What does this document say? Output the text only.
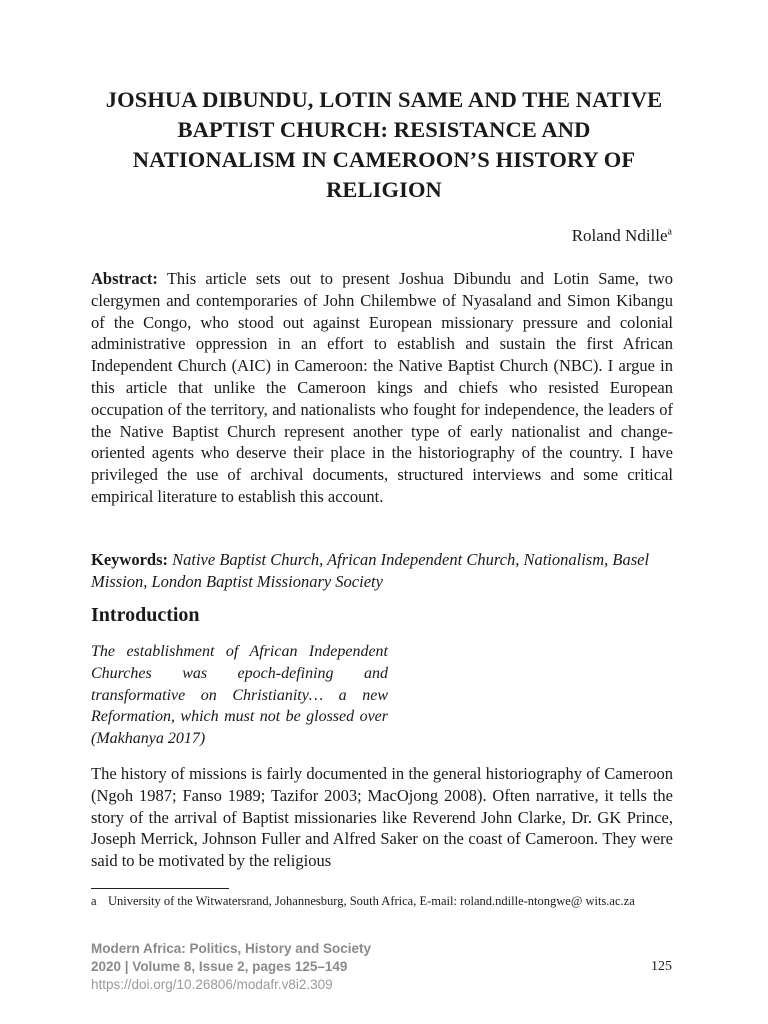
JOSHUA DIBUNDU, LOTIN SAME AND THE NATIVE BAPTIST CHURCH: RESISTANCE AND NATIONALISM IN CAMEROON’S HISTORY OF RELIGION
Roland Ndille$^a$

Abstract: This article sets out to present Joshua Dibundu and Lotin Same, two clergymen and contemporaries of John Chilembwe of Nyasaland and Simon Kibangu of the Congo, who stood out against European missionary pressure and colonial administrative oppression in an effort to establish and sustain the first African Independent Church (AIC) in Cameroon: the Native Baptist Church (NBC). I argue in this article that unlike the Cameroon kings and chiefs who resisted European occupation of the territory, and nationalists who fought for independence, the leaders of the Native Baptist Church represent another type of early nationalist and change-oriented agents who deserve their place in the historiography of the country. I have privileged the use of archival documents, structured interviews and some critical empirical literature to establish this account.

Keywords: Native Baptist Church, African Independent Church, Nationalism, Basel Mission, London Baptist Missionary Society

Introduction

The establishment of African Independent Churches was epoch-defining and transformative on Christianity… a new Reformation, which must not be glossed over (Makhanya 2017)

The history of missions is fairly documented in the general historiography of Cameroon (Ngoh 1987; Fanso 1989; Tazifor 2003; MacOjong 2008). Often narrative, it tells the story of the arrival of Baptist missionaries like Reverend John Clarke, Dr. GK Prince, Joseph Merrick, Johnson Fuller and Alfred Saker on the coast of Cameroon. They were said to be motivated by the religious

a University of the Witwatersrand, Johannesburg, South Africa, E-mail: roland.ndille-ntongwe@ wits.ac.za
Modern Africa: Politics, History and Society
2020 | Volume 8, Issue 2, pages 125–149
https://doi.org/10.26806/modafr.v8i2.309
125
